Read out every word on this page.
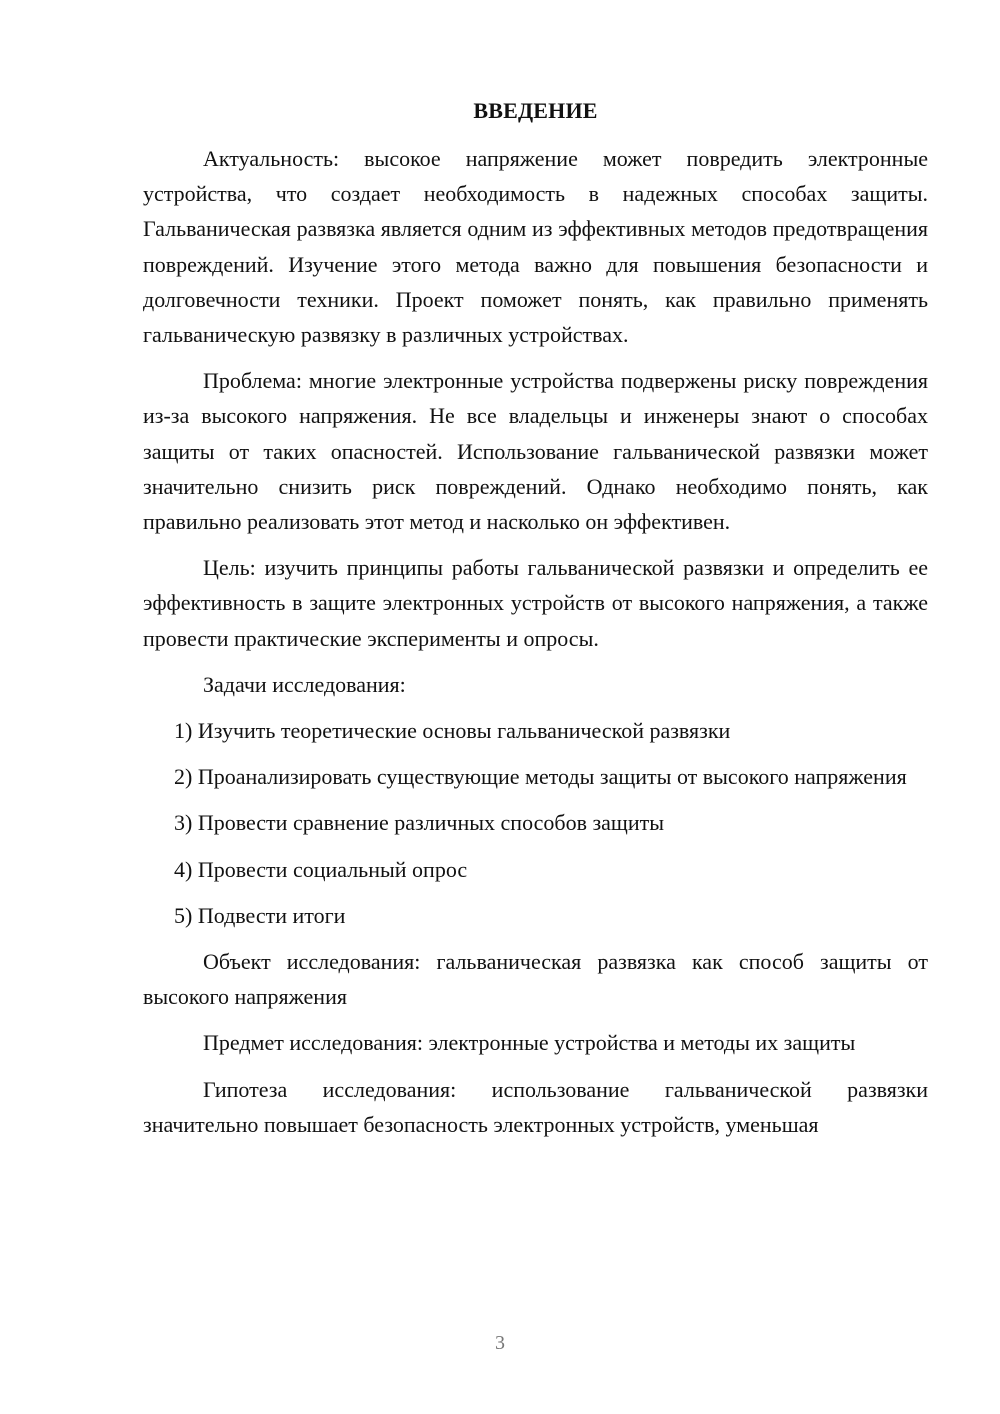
ВВЕДЕНИЕ

Актуальность: высокое напряжение может повредить электронные устройства, что создает необходимость в надежных способах защиты. Гальваническая развязка является одним из эффективных методов предотвращения повреждений. Изучение этого метода важно для повышения безопасности и долговечности техники. Проект поможет понять, как правильно применять гальваническую развязку в различных устройствах.

Проблема: многие электронные устройства подвержены риску повреждения из-за высокого напряжения. Не все владельцы и инженеры знают о способах защиты от таких опасностей. Использование гальванической развязки может значительно снизить риск повреждений. Однако необходимо понять, как правильно реализовать этот метод и насколько он эффективен.

Цель: изучить принципы работы гальванической развязки и определить ее эффективность в защите электронных устройств от высокого напряжения, а также провести практические эксперименты и опросы.

Задачи исследования:

1) Изучить теоретические основы гальванической развязки

2) Проанализировать существующие методы защиты от высокого напряжения

3) Провести сравнение различных способов защиты

4) Провести социальный опрос

5) Подвести итоги

Объект исследования: гальваническая развязка как способ защиты от высокого напряжения

Предмет исследования: электронные устройства и методы их защиты

Гипотеза исследования: использование гальванической развязки значительно повышает безопасность электронных устройств, уменьшая

3
